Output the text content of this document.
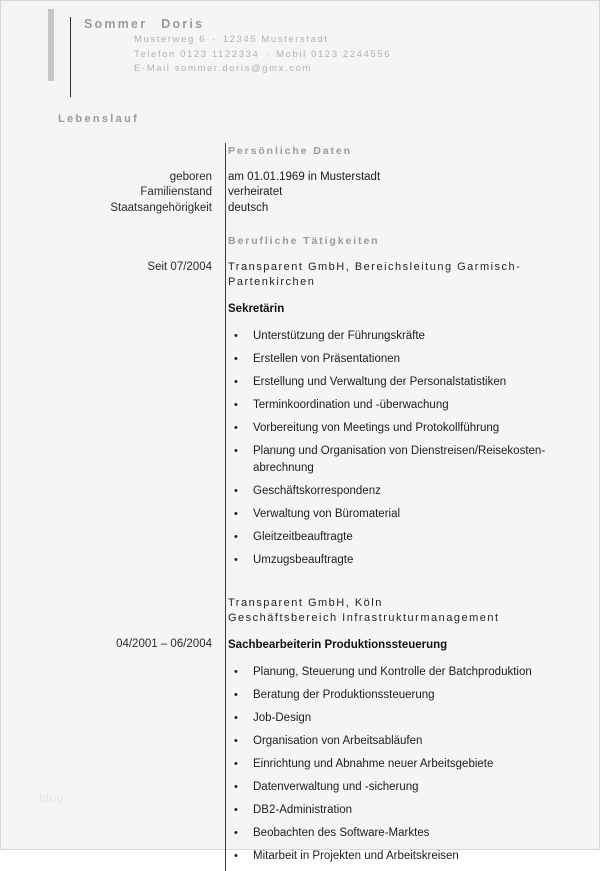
Sommer Doris
Musterweg 6 · 12345 Musterstadt
Telefon 0123 1122334 · Mobil 0123 2244556
E-Mail sommer.doris@gmx.com
Lebenslauf
Persönliche Daten
geboren	am 01.01.1969 in Musterstadt
Familienstand	verheiratet
Staatsangehörigkeit	deutsch
Berufliche Tätigkeiten
Seit 07/2004	Transparent GmbH, Bereichsleitung Garmisch-Partenkirchen
Sekretärin
• Unterstützung der Führungskräfte
• Erstellen von Präsentationen
• Erstellung und Verwaltung der Personalstatistiken
• Terminkoordination und -überwachung
• Vorbereitung von Meetings und Protokollführung
• Planung und Organisation von Dienstreisen/Reisekosten-abrechnung
• Geschäftskorrespondenz
• Verwaltung von Büromaterial
• Gleitzeitbeauftragte
• Umzugsbeauftragte
Transparent GmbH, Köln
Geschäftsbereich Infrastrukturmanagement
04/2001 – 06/2004	Sachbearbeiterin Produktionssteuerung
• Planung, Steuerung und Kontrolle der Batchproduktion
• Beratung der Produktionssteuerung
• Job-Design
• Organisation von Arbeitsabläufen
• Einrichtung und Abnahme neuer Arbeitsgebiete
• Datenverwaltung und -sicherung
• DB2-Administration
• Beobachten des Software-Marktes
• Mitarbeit in Projekten und Arbeitskreisen
blog
